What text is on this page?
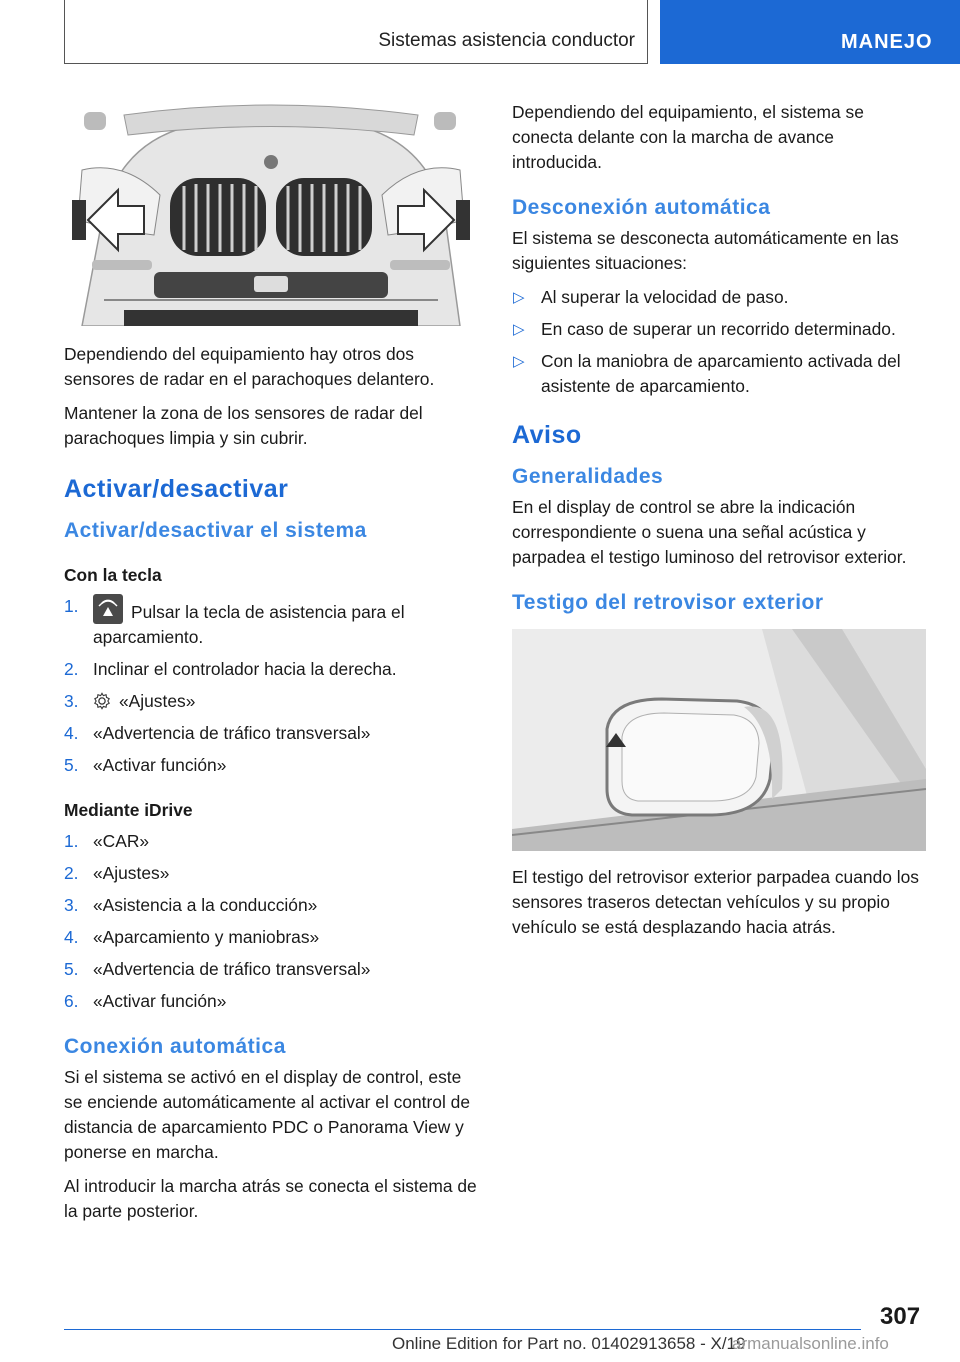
Sistemas asistencia conductor	MANEJO

Dependiendo del equipamiento hay otros dos sensores de radar en el parachoques delantero.

Mantener la zona de los sensores de radar del parachoques limpia y sin cubrir.

Activar/desactivar
Activar/desactivar el sistema
Con la tecla
1.	Pulsar la tecla de asistencia para el aparcamiento.
2. Inclinar el controlador hacia la derecha.
3. «Ajustes»
4. «Advertencia de tráfico transversal»
5. «Activar función»
Mediante iDrive
1. «CAR»
2. «Ajustes»
3. «Asistencia a la conducción»
4. «Aparcamiento y maniobras»
5. «Advertencia de tráfico transversal»
6. «Activar función»
Conexión automática

Si el sistema se activó en el display de control, este se enciende automáticamente al activar el control de distancia de aparcamiento PDC o Panorama View y ponerse en marcha.

Al introducir la marcha atrás se conecta el sistema de la parte posterior.

Dependiendo del equipamiento, el sistema se conecta delante con la marcha de avance introducida.

Desconexión automática

El sistema se desconecta automáticamente en las siguientes situaciones:

▷ Al superar la velocidad de paso.
▷ En caso de superar un recorrido determinado.
▷ Con la maniobra de aparcamiento activada del asistente de aparcamiento.
Aviso
Generalidades

En el display de control se abre la indicación correspondiente o suena una señal acústica y parpadea el testigo luminoso del retrovisor exterior.

Testigo del retrovisor exterior

El testigo del retrovisor exterior parpadea cuando los sensores traseros detectan vehículos y su propio vehículo se está desplazando hacia atrás.

307
Online Edition for Part no. 01402913658 - X/19
armanualsonline.info
